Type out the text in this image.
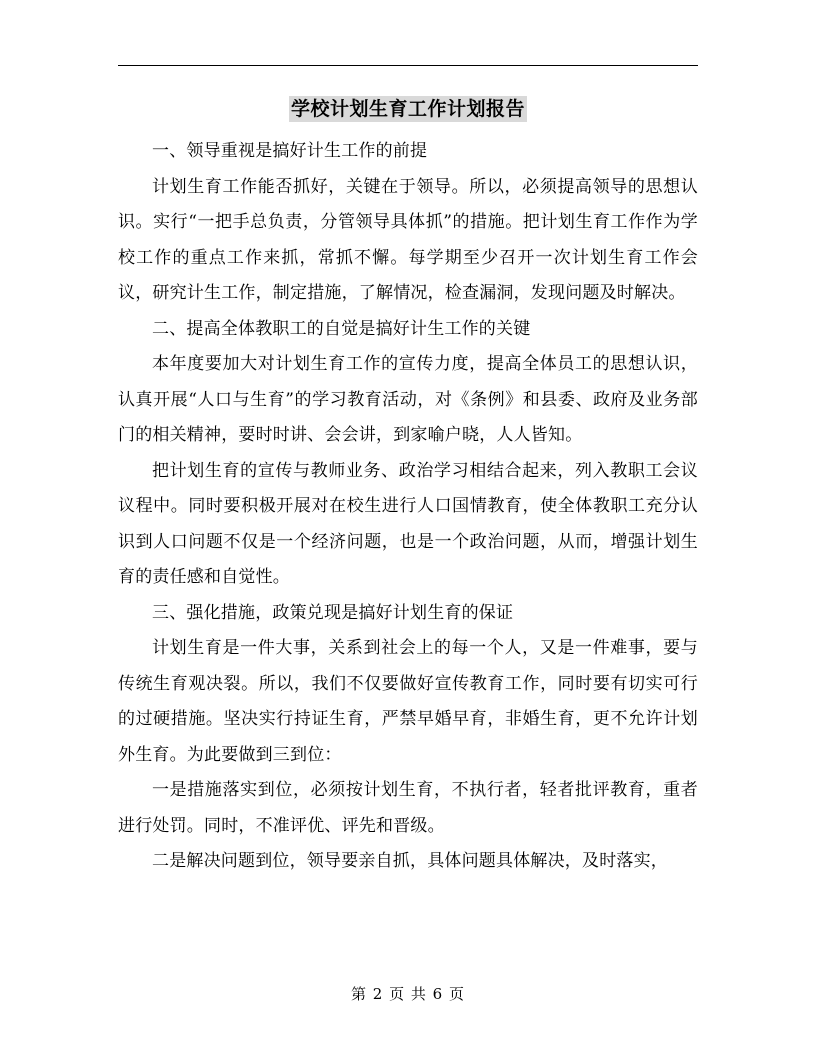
学校计划生育工作计划报告

一、领导重视是搞好计生工作的前提

计划生育工作能否抓好，关键在于领导。所以，必须提高领导的思想认识。实行“一把手总负责，分管领导具体抓”的措施。把计划生育工作作为学校工作的重点工作来抓，常抓不懈。每学期至少召开一次计划生育工作会议，研究计生工作，制定措施，了解情况，检查漏洞，发现问题及时解决。

二、提高全体教职工的自觉是搞好计生工作的关键

本年度要加大对计划生育工作的宣传力度，提高全体员工的思想认识，认真开展“人口与生育”的学习教育活动，对《条例》和县委、政府及业务部门的相关精神，要时时讲、会会讲，到家喻户晓，人人皆知。

把计划生育的宣传与教师业务、政治学习相结合起来，列入教职工会议议程中。同时要积极开展对在校生进行人口国情教育，使全体教职工充分认识到人口问题不仅是一个经济问题，也是一个政治问题，从而，增强计划生育的责任感和自觉性。

三、强化措施，政策兑现是搞好计划生育的保证

计划生育是一件大事，关系到社会上的每一个人，又是一件难事，要与传统生育观决裂。所以，我们不仅要做好宣传教育工作，同时要有切实可行的过硬措施。坚决实行持证生育，严禁早婚早育，非婚生育，更不允许计划外生育。为此要做到三到位：

一是措施落实到位，必须按计划生育，不执行者，轻者批评教育，重者进行处罚。同时，不准评优、评先和晋级。

二是解决问题到位，领导要亲自抓，具体问题具体解决，及时落实，

第 2 页 共 6 页
